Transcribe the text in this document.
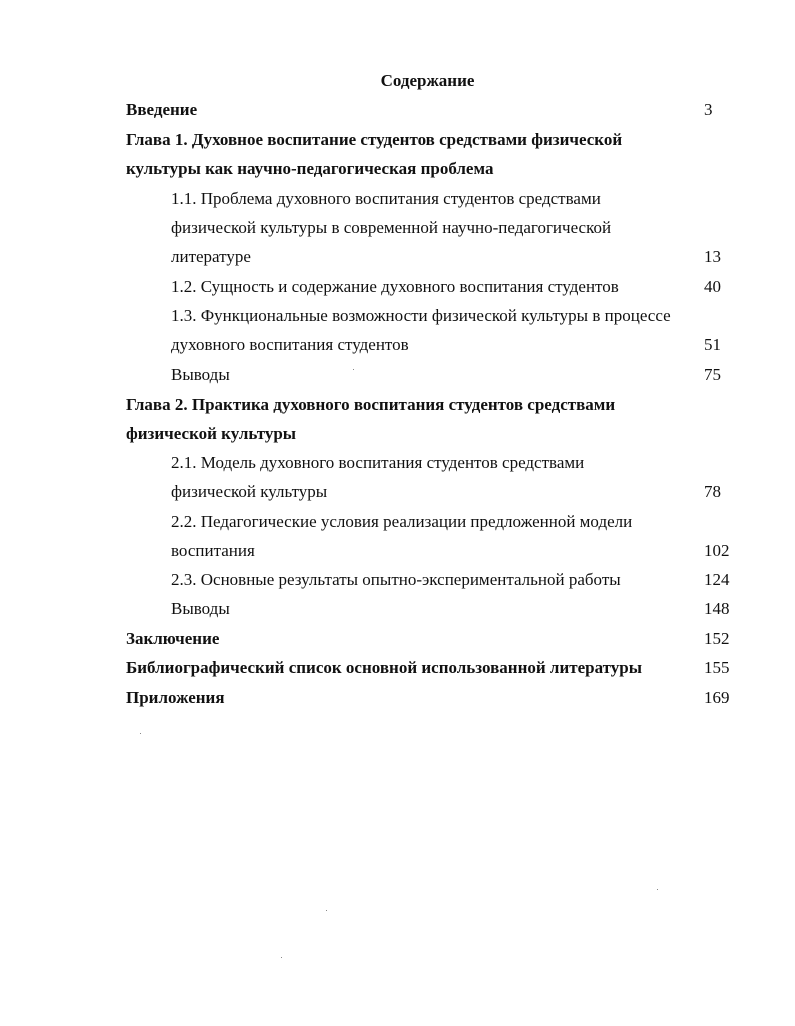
Содержание
Введение	3
Глава 1. Духовное воспитание студентов средствами физической
культуры как научно-педагогическая проблема
1.1. Проблема духовного воспитания студентов средствами
физической культуры в современной научно-педагогической
литературе	13
1.2. Сущность и содержание духовного воспитания студентов	40
1.3. Функциональные возможности физической культуры в процессе
духовного воспитания студентов	51
Выводы	75
Глава 2. Практика духовного воспитания студентов средствами
физической культуры
2.1. Модель духовного воспитания студентов средствами
физической культуры	78
2.2. Педагогические условия реализации предложенной модели
воспитания	102
2.3. Основные результаты опытно-экспериментальной работы	124
Выводы	148
Заключение	152
Библиографический список основной использованной литературы	155
Приложения	169
